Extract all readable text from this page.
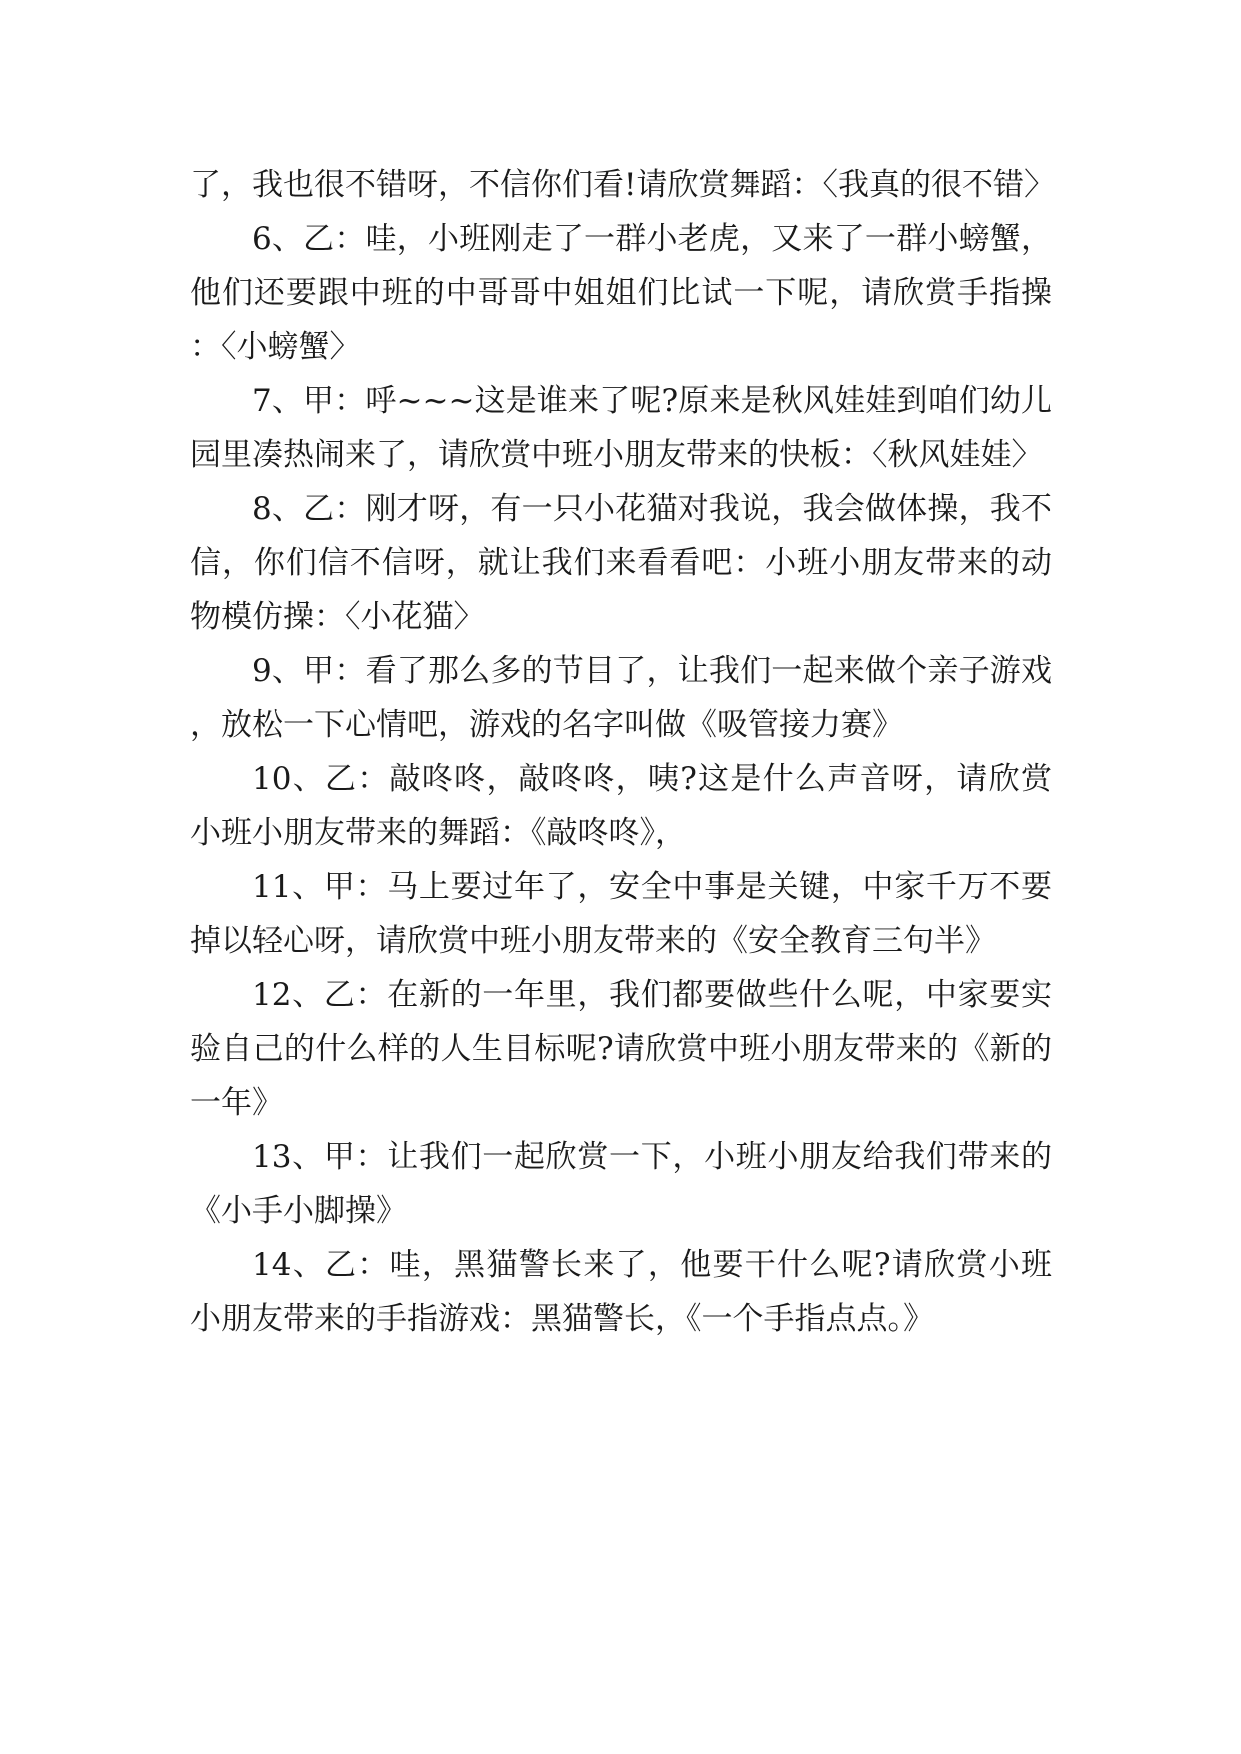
了，我也很不错呀，不信你们看!请欣赏舞蹈：〈我真的很不错〉

6、乙：哇，小班刚走了一群小老虎，又来了一群小螃蟹，他们还要跟中班的中哥哥中姐姐们比试一下呢，请欣赏手指操：〈小螃蟹〉

7、甲：呼~~~这是谁来了呢?原来是秋风娃娃到咱们幼儿园里凑热闹来了，请欣赏中班小朋友带来的快板：〈秋风娃娃〉

8、乙：刚才呀，有一只小花猫对我说，我会做体操，我不信，你们信不信呀，就让我们来看看吧：小班小朋友带来的动物模仿操：〈小花猫〉

9、甲：看了那么多的节目了，让我们一起来做个亲子游戏，放松一下心情吧，游戏的名字叫做《吸管接力赛》

10、乙：敲咚咚，敲咚咚，咦?这是什么声音呀，请欣赏小班小朋友带来的舞蹈：《敲咚咚》，

11、甲：马上要过年了，安全中事是关键，中家千万不要掉以轻心呀，请欣赏中班小朋友带来的《安全教育三句半》

12、乙：在新的一年里，我们都要做些什么呢，中家要实验自己的什么样的人生目标呢?请欣赏中班小朋友带来的《新的一年》

13、甲：让我们一起欣赏一下，小班小朋友给我们带来的《小手小脚操》

14、乙：哇，黑猫警长来了，他要干什么呢?请欣赏小班小朋友带来的手指游戏：黑猫警长，《一个手指点点。》
